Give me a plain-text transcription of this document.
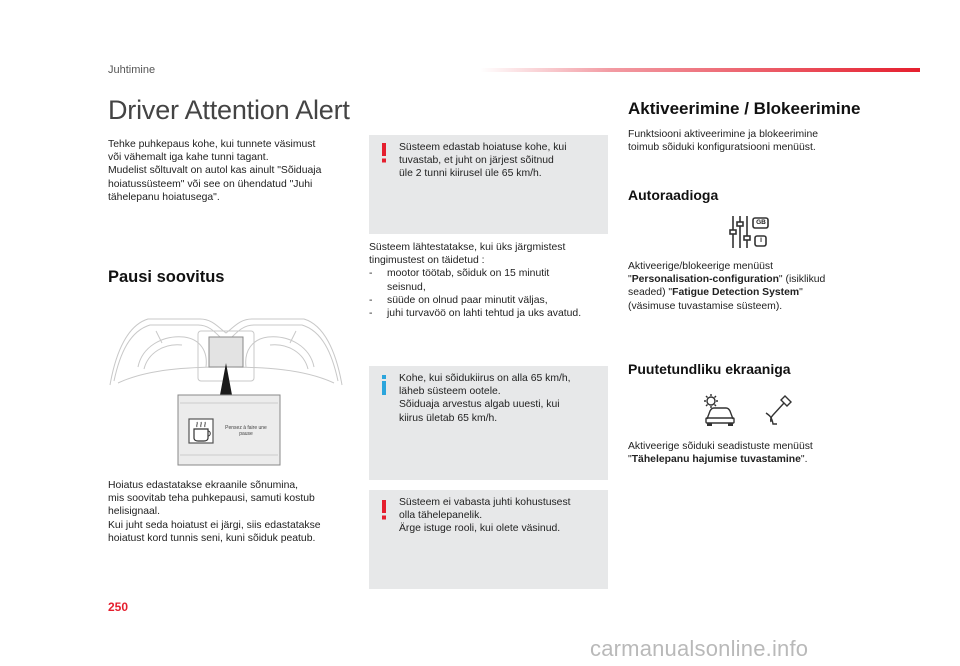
Juhtimine
Driver Attention Alert
Tehke puhkepaus kohe, kui tunnete väsimust
või vähemalt iga kahe tunni tagant.
Mudelist sõltuvalt on autol kas ainult "Sõiduaja
hoiatussüsteem" või see on ühendatud "Juhi
tähelepanu hoiatusega".
Pausi soovitus
Pensez à faire une
pause
Hoiatus edastatakse ekraanile sõnumina,
mis soovitab teha puhkepausi, samuti kostub
helisignaal.
Kui juht seda hoiatust ei järgi, siis edastatakse
hoiatust kord tunnis seni, kuni sõiduk peatub.
Süsteem edastab hoiatuse kohe, kui
tuvastab, et juht on järjest sõitnud
üle 2 tunni kiirusel üle 65 km/h.
Süsteem lähtestatakse, kui üks järgmistest
tingimustest on täidetud :
- mootor töötab, sõiduk on 15 minutit
seisnud,
- süüde on olnud paar minutit väljas,
- juhi turvavöö on lahti tehtud ja uks avatud.
Kohe, kui sõidukiirus on alla 65 km/h,
läheb süsteem ootele.
Sõiduaja arvestus algab uuesti, kui
kiirus ületab 65 km/h.
Süsteem ei vabasta juhti kohustusest
olla tähelepanelik.
Ärge istuge rooli, kui olete väsinud.
Aktiveerimine / Blokeerimine
Funktsiooni aktiveerimine ja blokeerimine
toimub sõiduki konfiguratsiooni menüüst.
Autoraadioga
GB
I
Aktiveerige/blokeerige menüüst
"Personalisation-configuration" (isiklikud
seaded) "Fatigue Detection System"
(väsimuse tuvastamise süsteem).
Puutetundliku ekraaniga
Aktiveerige sõiduki seadistuste menüüst
"Tähelepanu hajumise tuvastamine".
250
carmanualsonline.info
